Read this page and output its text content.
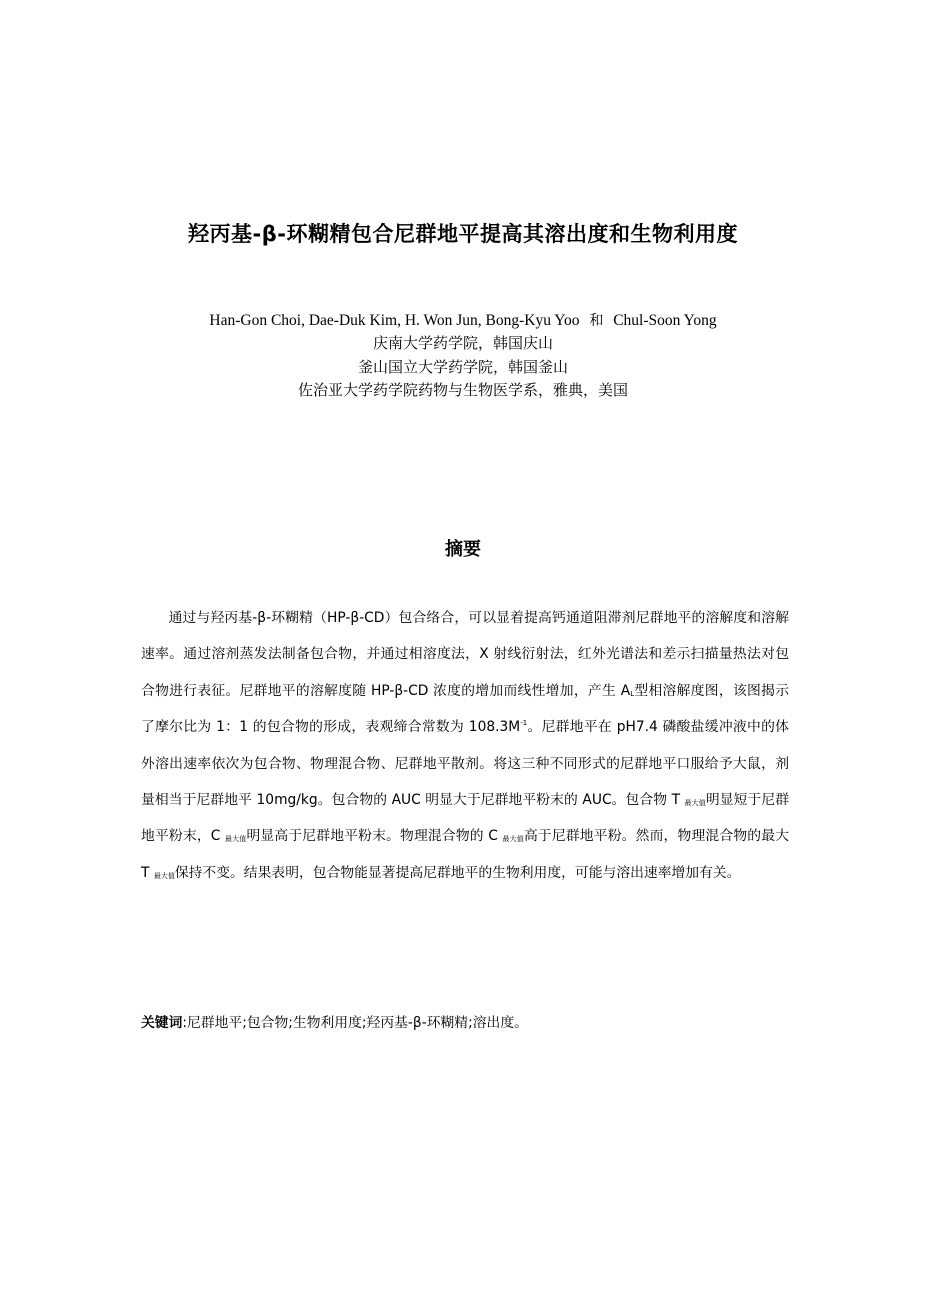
羟丙基-β-环糊精包合尼群地平提高其溶出度和生物利用度
Han-Gon Choi, Dae-Duk Kim, H. Won Jun, Bong-Kyu Yoo 和 Chul-Soon Yong
庆南大学药学院，韩国庆山
釜山国立大学药学院，韩国釜山
佐治亚大学药学院药物与生物医学系，雅典，美国
摘要
通过与羟丙基-β-环糊精（HP-β-CD）包合络合，可以显着提高钙通道阻滞剂尼群地平的溶解度和溶解速率。通过溶剂蒸发法制备包合物，并通过相溶度法，X 射线衍射法，红外光谱法和差示扫描量热法对包合物进行表征。尼群地平的溶解度随 HP-β-CD 浓度的增加而线性增加，产生 AL型相溶解度图，该图揭示了摩尔比为 1：1 的包合物的形成，表观缔合常数为 $108.3M^{-1}$。尼群地平在 pH7.4 磷酸盐缓冲液中的体外溶出速率依次为包合物、物理混合物、尼群地平散剂。将这三种不同形式的尼群地平口服给予大鼠，剂量相当于尼群地平 10mg/kg。包合物的 AUC 明显大于尼群地平粉末的 AUC。包合物 T 最大值明显短于尼群地平粉末，C 最大值明显高于尼群地平粉末。物理混合物的 C 最大值高于尼群地平粉。然而，物理混合物的最大 T 最大值保持不变。结果表明，包合物能显著提高尼群地平的生物利用度，可能与溶出速率增加有关。
关键词:尼群地平;包合物;生物利用度;羟丙基-β-环糊精;溶出度。
